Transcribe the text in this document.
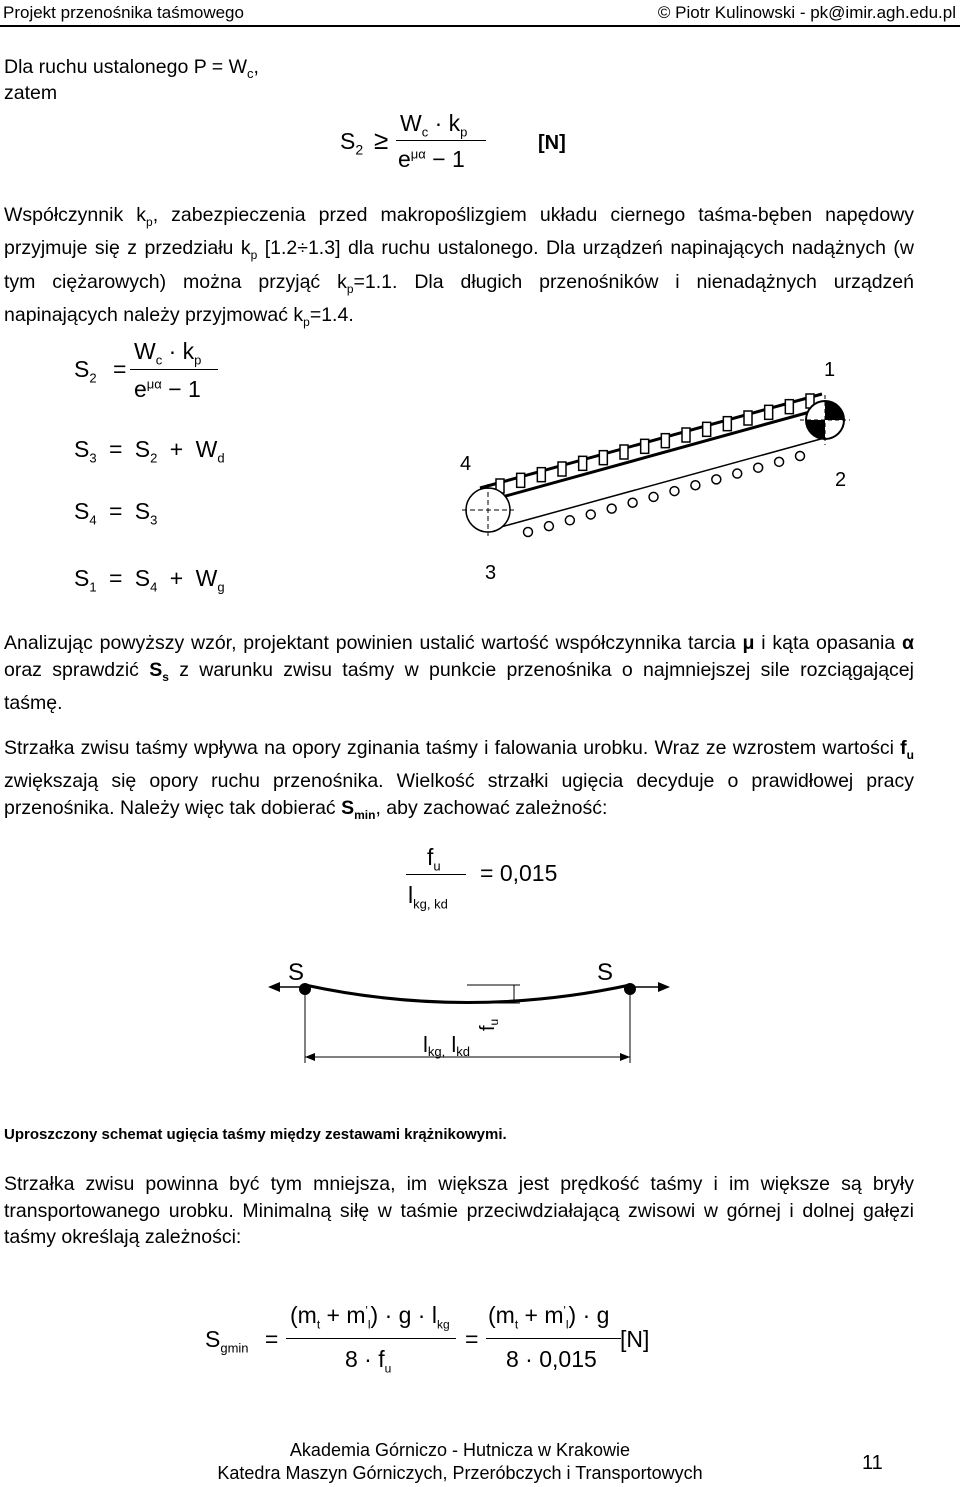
Projekt przenośnika taśmowego	© Piotr Kulinowski - pk@imir.agh.edu.pl
Dla ruchu ustalonego $P = W_c$,
zatem
$S_2$ ≥
$W_c \cdot k_p$
$e^{\mu\alpha} - 1$
[N]
Współczynnik $k_p$, zabezpieczenia przed makropoślizgiem układu ciernego taśma-bęben napędowy przyjmuje się z przedziału $k_p$ [1.2÷1.3] dla ruchu ustalonego. Dla urządzeń napinających nadążnych (w tym ciężarowych) można przyjąć $k_p=1.1$. Dla długich przenośników i nienadążnych urządzeń napinających należy przyjmować $k_p=1.4$.
$S_2$ =
$W_c \cdot k_p$
$e^{\mu\alpha} - 1$
$S_3 = S_2 + W_d$
$S_4 = S_3$
$S_1 = S_4 + W_g$
1
2
3
4
Analizując powyższy wzór, projektant powinien ustalić wartość współczynnika tarcia μ i kąta opasania α oraz sprawdzić $S_s$ z warunku zwisu taśmy w punkcie przenośnika o najmniejszej sile rozciągającej taśmę.
Strzałka zwisu taśmy wpływa na opory zginania taśmy i falowania urobku. Wraz ze wzrostem wartości $f_u$ zwiększają się opory ruchu przenośnika. Wielkość strzałki ugięcia decyduje o prawidłowej pracy przenośnika. Należy więc tak dobierać $S_{min}$, aby zachować zależność:
$f_u$
$l_{kg, kd}$
= 0,015
S	S
lkg, lkd
$f_u$
Uproszczony schemat ugięcia taśmy między zestawami krążnikowymi.
Strzałka zwisu powinna być tym mniejsza, im większa jest prędkość taśmy i im większe są bryły transportowanego urobku. Minimalną siłę w taśmie przeciwdziałającą zwisowi w górnej i dolnej gałęzi taśmy określają zależności:
$S_{gmin}$ =
$(m_t + m'_l) \cdot g \cdot l_{kg}$
$8 \cdot f_u$
=
$(m_t + m'_l) \cdot g$
8 · 0,015
[N]
Akademia Górniczo - Hutnicza w Krakowie
Katedra Maszyn Górniczych, Przeróbczych i Transportowych	11
